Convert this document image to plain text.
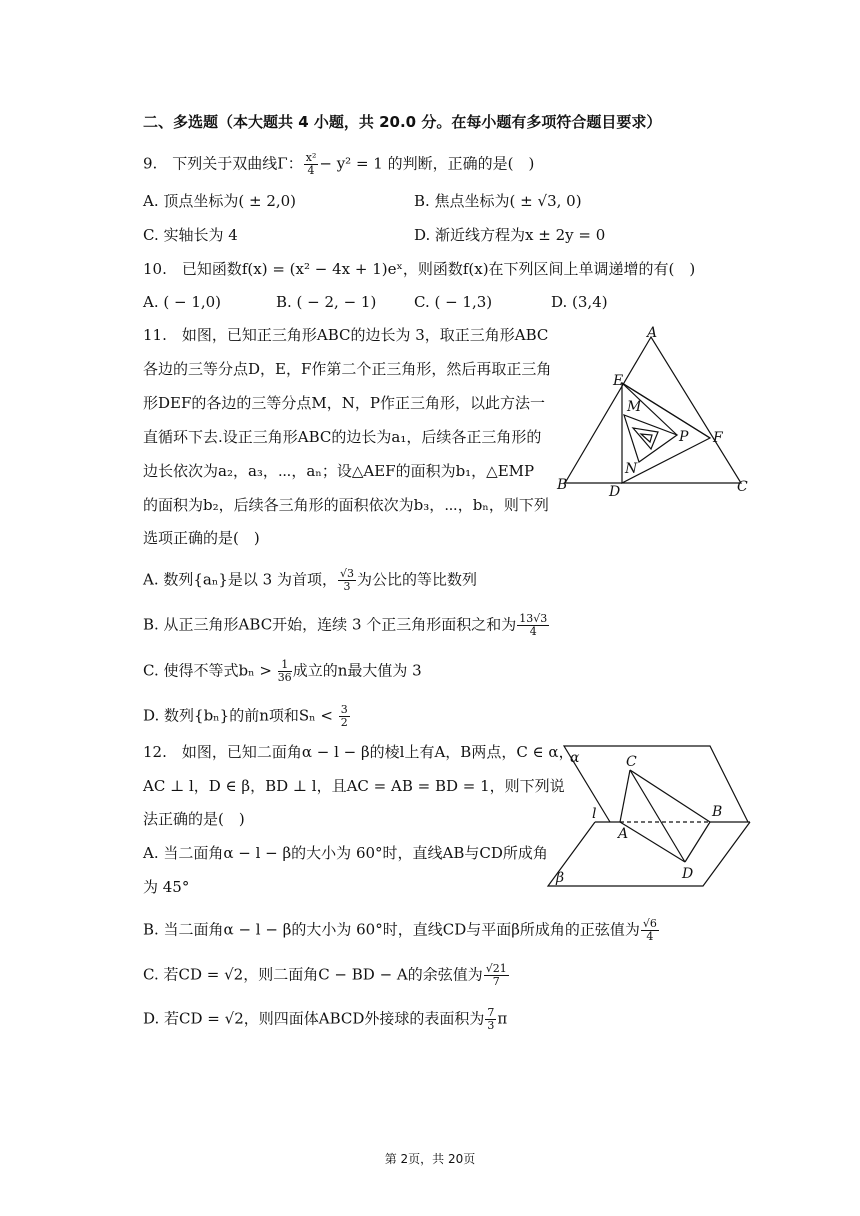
二、多选题（本大题共 4 小题，共 20.0 分。在每小题有多项符合题目要求）
9.　下列关于双曲线Γ： $\frac{\text{x²}}{4} - y^2 = 1$ 的判断，正确的是(　)
A. 顶点坐标为( ± 2,0)	B. 焦点坐标为( ± √3, 0)
C. 实轴长为 4	D. 渐近线方程为x ± 2y = 0
10.　已知函数f(x) = (x² − 4x + 1)eˣ，则函数f(x)在下列区间上单调递增的有(　)
A. ( − 1,0)	B. ( − 2, − 1)	C. ( − 1,3)	D. (3,4)
11.　如图，已知正三角形ABC的边长为 3，取正三角形ABC
各边的三等分点D，E，F作第二个正三角形，然后再取正三角
形DEF的各边的三等分点M，N，P作正三角形，以此方法一
直循环下去.设正三角形ABC的边长为a₁，后续各正三角形的
边长依次为a₂，a₃，⋯，aₙ；设△AEF的面积为b₁，△EMP
的面积为b₂，后续各三角形的面积依次为b₃，⋯，bₙ，则下列
选项正确的是(　)
A
E
M
P F
N
B	D	C
A. 数列{aₙ}是以 3 为首项， $\frac{√3}{3}$ 为公比的等比数列
B. 从正三角形ABC开始，连续 3 个正三角形面积之和为 $\frac{13√3}{4}$
C. 使得不等式$b_n > \frac{1}{36}$ 成立的n最大值为 3
D. 数列{bₙ}的前n项和$S_n < \frac{3}{2}$
12.　如图，已知二面角α − l − β的棱l上有A，B两点，C ∈ α，
AC ⊥ l，D ∈ β，BD ⊥ l，且AC = AB = BD = 1，则下列说
法正确的是(　)
A. 当二面角α − l − β的大小为 60°时，直线AB与CD所成角
为 45°
α	C
l
A
B
D
β
B. 当二面角α − l − β的大小为 60°时，直线CD与平面β所成角的正弦值为 $\frac{√6}{4}$
C. 若CD = √2，则二面角C − BD − A的余弦值为 $\frac{√21}{7}$
D. 若CD = √2，则四面体ABCD外接球的表面积为 $\frac{7}{3}$ π
第 2页，共 20页
